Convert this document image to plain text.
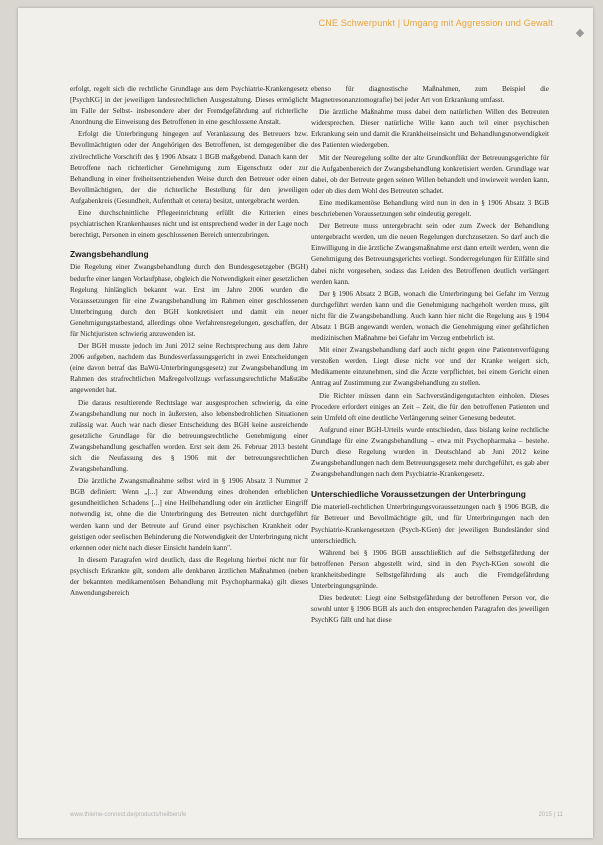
CNE Schwerpunkt | Umgang mit Aggression und Gewalt
◆

erfolgt, regelt sich die rechtliche Grundlage aus dem Psychiatrie-Krankengesetz [PsychKG] in der jeweiligen landesrechtlichen Ausgestaltung. Dieses ermöglicht im Falle der Selbst- insbesondere aber der Fremdgefährdung auf richterliche Anordnung die Einweisung des Betroffenen in eine geschlossene Anstalt.

Erfolgt die Unterbringung hingegen auf Veranlassung des Betreuers bzw. Bevollmächtigten oder der Angehörigen des Betroffenen, ist demgegenüber die zivilrechtliche Vorschrift des § 1906 Absatz 1 BGB maßgebend. Danach kann der Betroffene nach richterlicher Genehmigung zum Eigenschutz oder zur Behandlung in einer freiheitsentziehenden Weise durch den Betreuer oder einen Bevollmächtigten, der die richterliche Bestellung für den jeweiligen Aufgabenkreis (Gesundheit, Aufenthalt et cetera) besitzt, untergebracht werden.

Eine durchschnittliche Pflegeeinrichtung erfüllt die Kriterien eines psychiatrischen Krankenhauses nicht und ist entsprechend weder in der Lage noch berechtigt, Personen in einem geschlossenen Bereich unterzubringen.

Zwangsbehandlung

Die Regelung einer Zwangsbehandlung durch den Bundesgesetzgeber (BGH) bedurfte einer langen Vorlaufphase, obgleich die Notwendigkeit einer gesetzlichen Regelung hinlänglich bekannt war. Erst im Jahre 2006 wurden die Voraussetzungen für eine Zwangsbehandlung im Rahmen einer geschlossenen Unterbringung durch den BGH konkretisiert und damit ein neuer Genehmigungstatbestand, allerdings ohne Verfahrensregelungen, geschaffen, der für Nichtjuristen schwierig anzuwenden ist.

Der BGH musste jedoch im Juni 2012 seine Rechtsprechung aus dem Jahre 2006 aufgeben, nachdem das Bundesverfassungsgericht in zwei Entscheidungen (eine davon betraf das BaWü-Unterbringungsgesetz) zur Zwangsbehandlung im Rahmen des strafrechtlichen Maßregelvollzugs verfassungsrechtliche Maßstäbe angewendet hat.

Die daraus resultierende Rechtslage war ausgesprochen schwierig, da eine Zwangsbehandlung nur noch in äußersten, also lebensbedrohlichen Situationen zulässig war. Auch war nach dieser Entscheidung des BGH keine ausreichende gesetzliche Grundlage für die betreuungsrechtliche Genehmigung einer Zwangsbehandlung geschaffen worden. Erst seit dem 26. Februar 2013 besteht sich die Neufassung des § 1906 mit der betreuungsrechtlichen Zwangsbehandlung.

Die ärztliche Zwangsmaßnahme selbst wird in § 1906 Absatz 3 Nummer 2 BGB definiert: Wenn „[...] zur Abwendung eines drohenden erheblichen gesundheitlichen Schadens [...] eine Heilbehandlung oder ein ärztlicher Eingriff notwendig ist, ohne die die Unterbringung des Betreuten nicht durchgeführt werden kann und der Betreute auf Grund einer psychischen Krankheit oder geistigen oder seelischen Behinderung die Notwendigkeit der Unterbringung nicht erkennen oder nicht nach dieser Einsicht handeln kann".

In diesem Paragrafen wird deutlich, dass die Regelung hierbei nicht nur für psychisch Erkrankte gilt, sondern alle denkbaren ärztlichen Maßnahmen (neben der bekannten medikamentösen Behandlung mit Psychopharmaka) gilt dieses Anwendungsbereich

ebenso für diagnostische Maßnahmen, zum Beispiel die Magnetresonanztomografie) bei jeder Art von Erkrankung umfasst.

Die ärztliche Maßnahme muss dabei dem natürlichen Willen des Betreuten widersprechen. Dieser natürliche Wille kann auch teil einer psychischen Erkrankung sein und damit die Krankheitseinsicht und Behandlungsnotwendigkeit des Patienten wiedergeben.

Mit der Neuregelung sollte der alte Grundkonflikt der Betreuungsgerichte für die Aufgabenbereich der Zwangsbehandlung konkretisiert werden. Grundlage war dabei, ob der Betreute gegen seinen Willen behandelt und inwieweit werden kann, oder ob dies dem Wohl des Betreuten schadet.

Eine medikamentöse Behandlung wird nun in den in § 1906 Absatz 3 BGB beschriebenen Voraussetzungen sehr eindeutig geregelt.

Der Betreute muss untergebracht sein oder zum Zweck der Behandlung untergebracht werden, um die neuen Regelungen durchzusetzen. So darf auch die Einwilligung in die ärztliche Zwangsmaßnahme erst dann erteilt werden, wenn die Genehmigung des Betreuungsgerichts vorliegt. Sonderregelungen für Eilfälle sind dabei nicht vorgesehen, sodass das Leiden des Betroffenen deutlich verlängert werden kann.

Der § 1906 Absatz 2 BGB, wonach die Unterbringung bei Gefahr im Verzug durchgeführt werden kann und die Genehmigung nachgeholt werden muss, gilt nicht für die Zwangsbehandlung. Auch kann hier nicht die Regelung aus § 1904 Absatz 1 BGB angewandt werden, wonach die Genehmigung einer gefährlichen medizinischen Maßnahme bei Gefahr im Verzug entbehrlich ist.

Mit einer Zwangsbehandlung darf auch nicht gegen eine Patientenverfügung verstoßen werden. Liegt diese nicht vor und der Kranke weigert sich, Medikamente einzunehmen, sind die Ärzte verpflichtet, bei einem Gericht einen Antrag auf Zustimmung zur Zwangsbehandlung zu stellen.

Die Richter müssen dann ein Sachverständigengutachten einholen. Dieses Procedere erfordert einiges an Zeit – Zeit, die für den betroffenen Patienten und sein Umfeld oft eine deutliche Verlängerung seiner Genesung bedeutet.

Aufgrund einer BGH-Urteils wurde entschieden, dass bislang keine rechtliche Grundlage für eine Zwangsbehandlung – etwa mit Psychopharmaka – bestehe. Durch diese Regelung wurden in Deutschland ab Juni 2012 keine Zwangsbehandlungen nach dem Betreuungsgesetz mehr durchgeführt, es gab aber Zwangsbehandlungen nach dem Psychiatrie-Krankengesetz.

Unterschiedliche Voraussetzungen der Unterbringung

Die materiell-rechtlichen Unterbringungsvoraussetzungen nach § 1906 BGB, die für Betreuer und Bevollmächtigte gilt, und für Unterbringungen nach den Psychiatrie-Krankengesetzen (Psych-KGen) der jeweiligen Bundesländer sind unterschiedlich.

Während bei § 1906 BGB ausschließlich auf die Selbstgefährdung der betroffenen Person abgestellt wird, sind in den Psych-KGen sowohl die krankheitsbedingte Selbstgefährdung als auch die Fremdgefährdung Unterbringungsgründe.

Dies bedeutet: Liegt eine Selbstgefährdung der betroffenen Person vor, die sowohl unter § 1906 BGB als auch den entsprechenden Paragrafen des jeweiligen PsychKG fällt und hat diese

www.thieme-connect.de/products/heilberufe	2015 | 11
